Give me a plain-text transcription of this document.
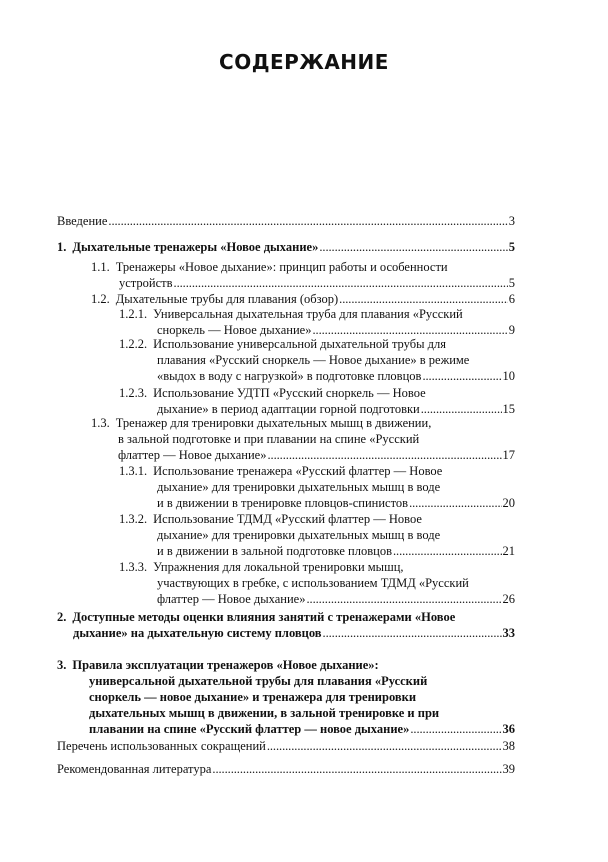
СОДЕРЖАНИЕ
Введение . . .	3
1. Дыхательные тренажеры «Новое дыхание» . . .	5
1.1. Тренажеры «Новое дыхание»: принцип работы и особенности
устройств . . .	5
1.2. Дыхательные трубы для плавания (обзор) . . .	6
1.2.1. Универсальная дыхательная труба для плавания «Русский
сноркель — Новое дыхание» . . .	9
1.2.2. Использование универсальной дыхательной трубы для
плавания «Русский сноркель — Новое дыхание» в режиме
«выдох в воду с нагрузкой» в подготовке пловцов . . .	10
1.2.3. Использование УДТП «Русский сноркель — Новое
дыхание» в период адаптации горной подготовки . . .	15
1.3. Тренажер для тренировки дыхательных мышц в движении,
в зальной подготовке и при плавании на спине «Русский
флаттер — Новое дыхание» . . .	17
1.3.1. Использование тренажера «Русский флаттер — Новое
дыхание» для тренировки дыхательных мышц в воде
и в движении в тренировке пловцов-спинистов . . .	20
1.3.2. Использование ТДМД «Русский флаттер — Новое
дыхание» для тренировки дыхательных мышц в воде
и в движении в зальной подготовке пловцов . . .	21
1.3.3. Упражнения для локальной тренировки мышц,
участвующих в гребке, с использованием ТДМД «Русский
флаттер — Новое дыхание» . . .	26
2. Доступные методы оценки влияния занятий с тренажерами «Новое
дыхание» на дыхательную систему пловцов . . .	33
3. Правила эксплуатации тренажеров «Новое дыхание»:
универсальной дыхательной трубы для плавания «Русский
сноркель — новое дыхание» и тренажера для тренировки
дыхательных мышц в движении, в зальной тренировке и при
плавании на спине «Русский флаттер — новое дыхание» . . .	36
Перечень использованных сокращений . . .	38
Рекомендованная литература . . .	39
